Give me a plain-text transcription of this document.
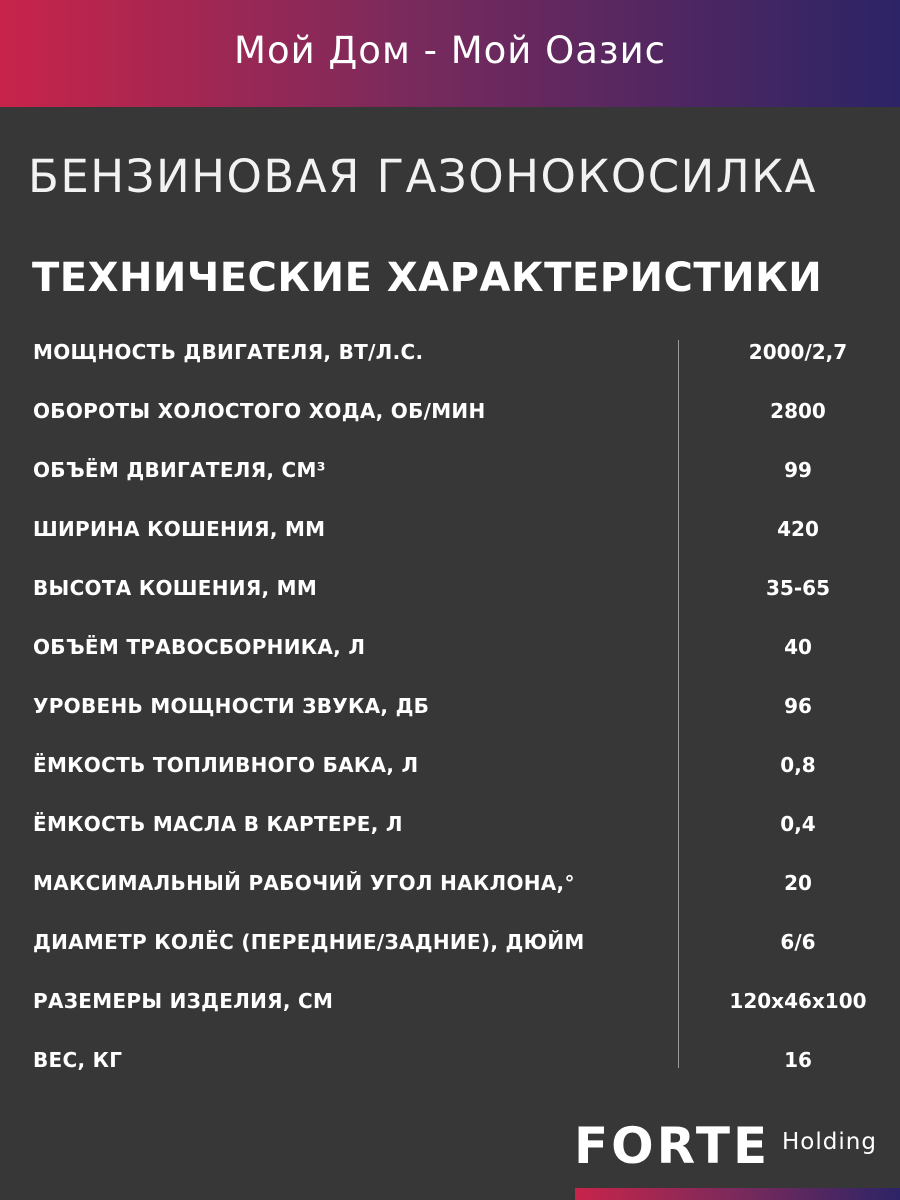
Мой Дом - Мой Оазис
БЕНЗИНОВАЯ ГАЗОНОКОСИЛКА
ТЕХНИЧЕСКИЕ ХАРАКТЕРИСТИКИ
МОЩНОСТЬ ДВИГАТЕЛЯ, ВТ/Л.С.	2000/2,7
ОБОРОТЫ ХОЛОСТОГО ХОДА, ОБ/МИН	2800
ОБЪЁМ ДВИГАТЕЛЯ, СМ³	99
ШИРИНА КОШЕНИЯ, ММ	420
ВЫСОТА КОШЕНИЯ, ММ	35-65
ОБЪЁМ ТРАВОСБОРНИКА, Л	40
УРОВЕНЬ МОЩНОСТИ ЗВУКА, ДБ	96
ЁМКОСТЬ ТОПЛИВНОГО БАКА, Л	0,8
ЁМКОСТЬ МАСЛА В КАРТЕРЕ, Л	0,4
МАКСИМАЛЬНЫЙ РАБОЧИЙ УГОЛ НАКЛОНА,°	20
ДИАМЕТР КОЛЁС (ПЕРЕДНИЕ/ЗАДНИЕ), ДЮЙМ	6/6
РАЗЕМЕРЫ ИЗДЕЛИЯ, СМ	120x46x100
ВЕС, КГ	16
FORTE Holding
